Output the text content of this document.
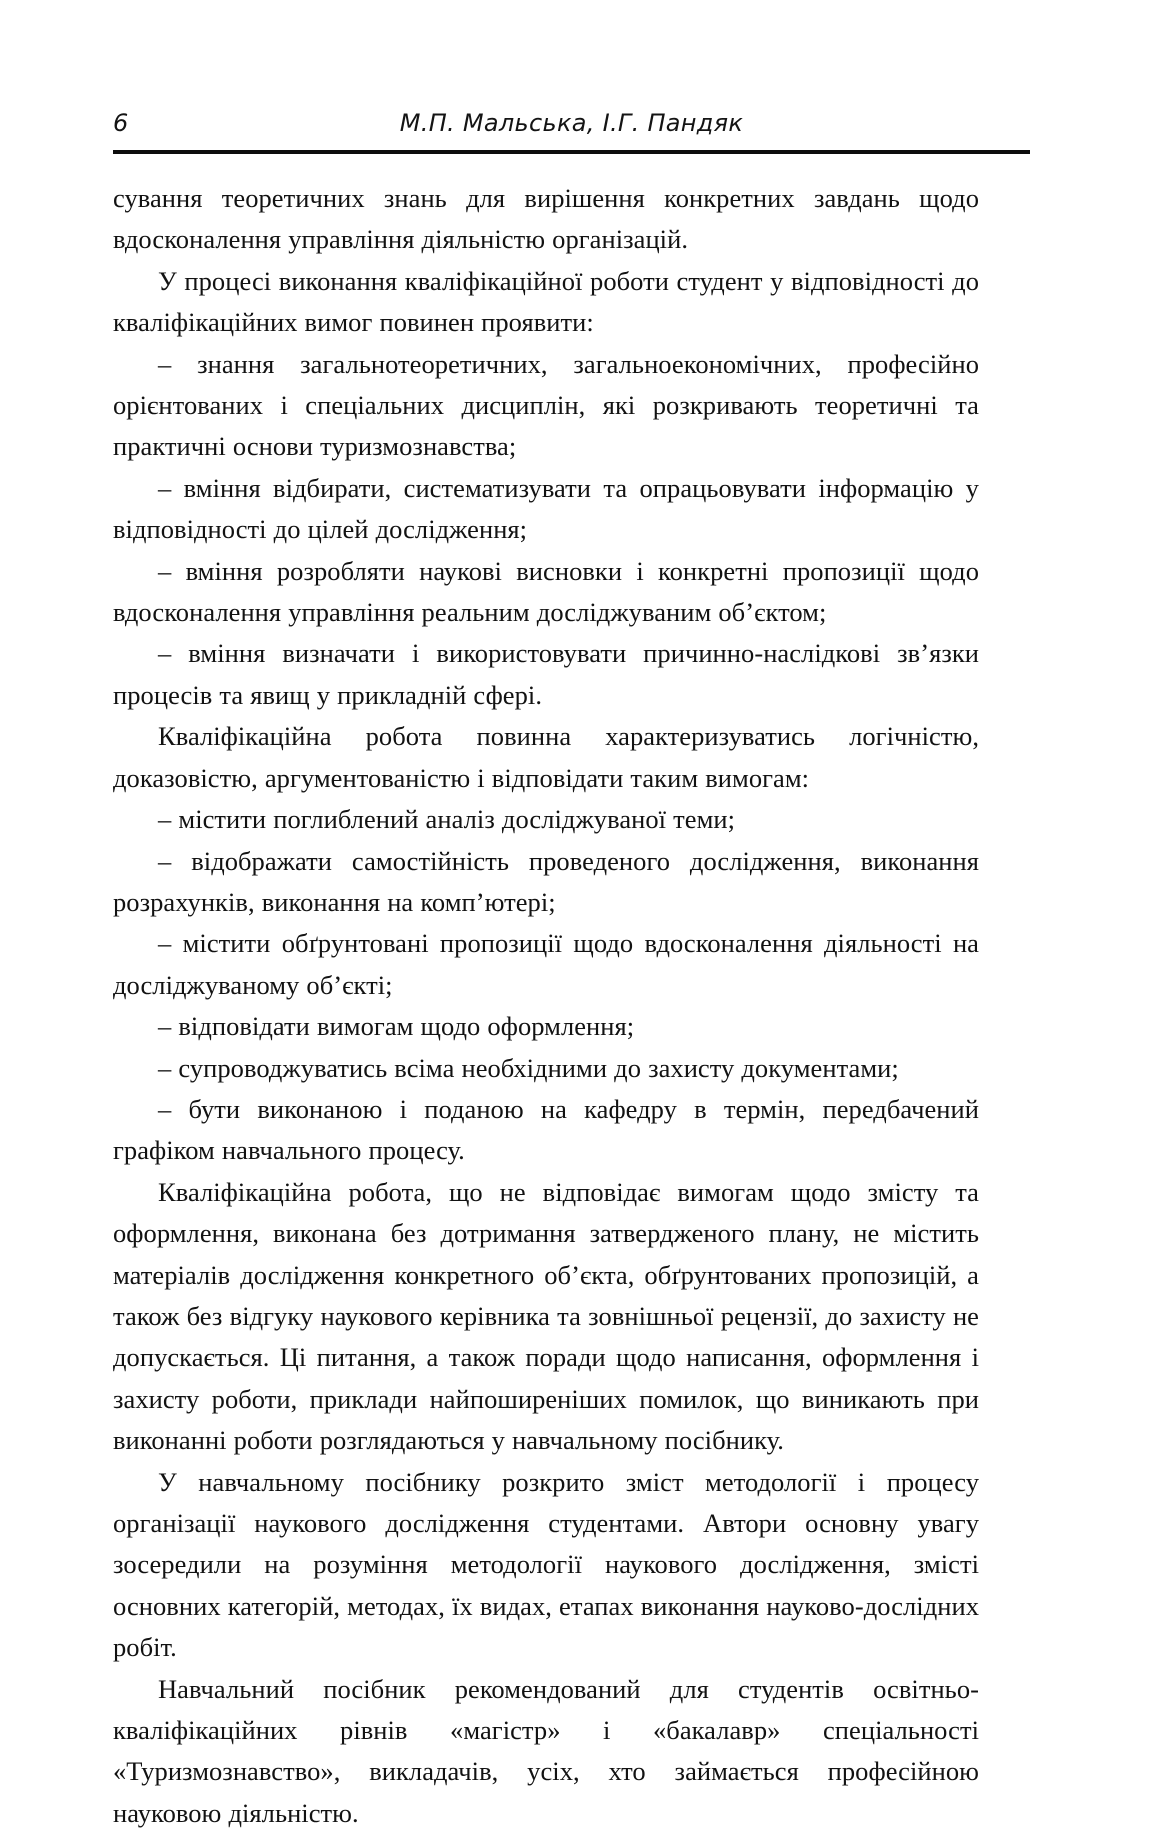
6	М.П. Мальська, І.Г. Пандяк

сування теоретичних знань для вирішення конкретних завдань щодо вдосконалення управління діяльністю організацій.

У процесі виконання кваліфікаційної роботи студент у відповідності до кваліфікаційних вимог повинен проявити:

– знання загальнотеоретичних, загальноекономічних, професійно орієнтованих і спеціальних дисциплін, які розкривають теоретичні та практичні основи туризмознавства;

– вміння відбирати, систематизувати та опрацьовувати інформацію у відповідності до цілей дослідження;

– вміння розробляти наукові висновки і конкретні пропозиції щодо вдосконалення управління реальним досліджуваним об’єктом;

– вміння визначати і використовувати причинно-наслідкові зв’язки процесів та явищ у прикладній сфері.

Кваліфікаційна робота повинна характеризуватись логічністю, доказовістю, аргументованістю і відповідати таким вимогам:

– містити поглиблений аналіз досліджуваної теми;

– відображати самостійність проведеного дослідження, виконання розрахунків, виконання на комп’ютері;

– містити обґрунтовані пропозиції щодо вдосконалення діяльності на досліджуваному об’єкті;

– відповідати вимогам щодо оформлення;

– супроводжуватись всіма необхідними до захисту документами;

– бути виконаною і поданою на кафедру в термін, передбачений графіком навчального процесу.

Кваліфікаційна робота, що не відповідає вимогам щодо змісту та оформлення, виконана без дотримання затвердженого плану, не містить матеріалів дослідження конкретного об’єкта, обґрунтованих пропозицій, а також без відгуку наукового керівника та зовнішньої рецензії, до захисту не допускається. Ці питання, а також поради щодо написання, оформлення і захисту роботи, приклади найпоширеніших помилок, що виникають при виконанні роботи розглядаються у навчальному посібнику.

У навчальному посібнику розкрито зміст методології і процесу організації наукового дослідження студентами. Автори основну увагу зосередили на розуміння методології наукового дослідження, змісті основних категорій, методах, їх видах, етапах виконання науково-дослідних робіт.

Навчальний посібник рекомендований для студентів освітньо-кваліфікаційних рівнів «магістр» і «бакалавр» спеціальності «Туризмознавство», викладачів, усіх, хто займається професійною науковою діяльністю.
